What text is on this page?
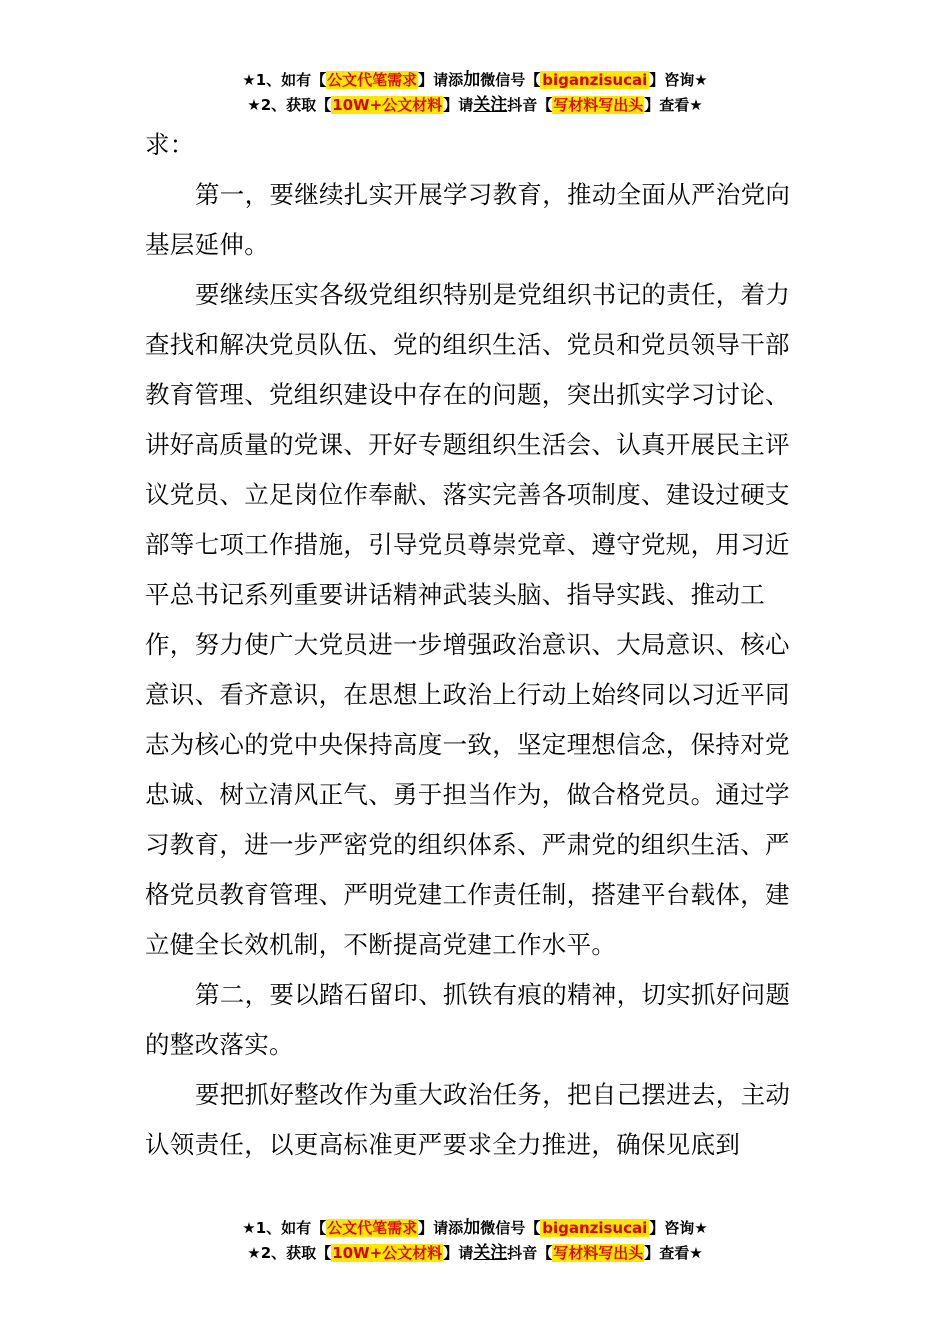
★1、如有【公文代笔需求】请添加微信号【 biganzisucai 】咨询★
★2、获取【10W+公文材料】请关注抖音【写材料写出头】查看★

求：

第一，要继续扎实开展学习教育，推动全面从严治党向基层延伸。

要继续压实各级党组织特别是党组织书记的责任，着力查找和解决党员队伍、党的组织生活、党员和党员领导干部教育管理、党组织建设中存在的问题，突出抓实学习讨论、讲好高质量的党课、开好专题组织生活会、认真开展民主评议党员、立足岗位作奉献、落实完善各项制度、建设过硬支部等七项工作措施，引导党员尊崇党章、遵守党规，用习近平总书记系列重要讲话精神武装头脑、指导实践、推动工作，努力使广大党员进一步增强政治意识、大局意识、核心意识、看齐意识，在思想上政治上行动上始终同以习近平同志为核心的党中央保持高度一致，坚定理想信念，保持对党忠诚、树立清风正气、勇于担当作为，做合格党员。通过学习教育，进一步严密党的组织体系、严肃党的组织生活、严格党员教育管理、严明党建工作责任制，搭建平台载体，建立健全长效机制，不断提高党建工作水平。

第二，要以踏石留印、抓铁有痕的精神，切实抓好问题的整改落实。

要把抓好整改作为重大政治任务，把自己摆进去，主动认领责任，以更高标准更严要求全力推进，确保见底到

★1、如有【公文代笔需求】请添加微信号【 biganzisucai 】咨询★
★2、获取【10W+公文材料】请关注抖音【写材料写出头】查看★
